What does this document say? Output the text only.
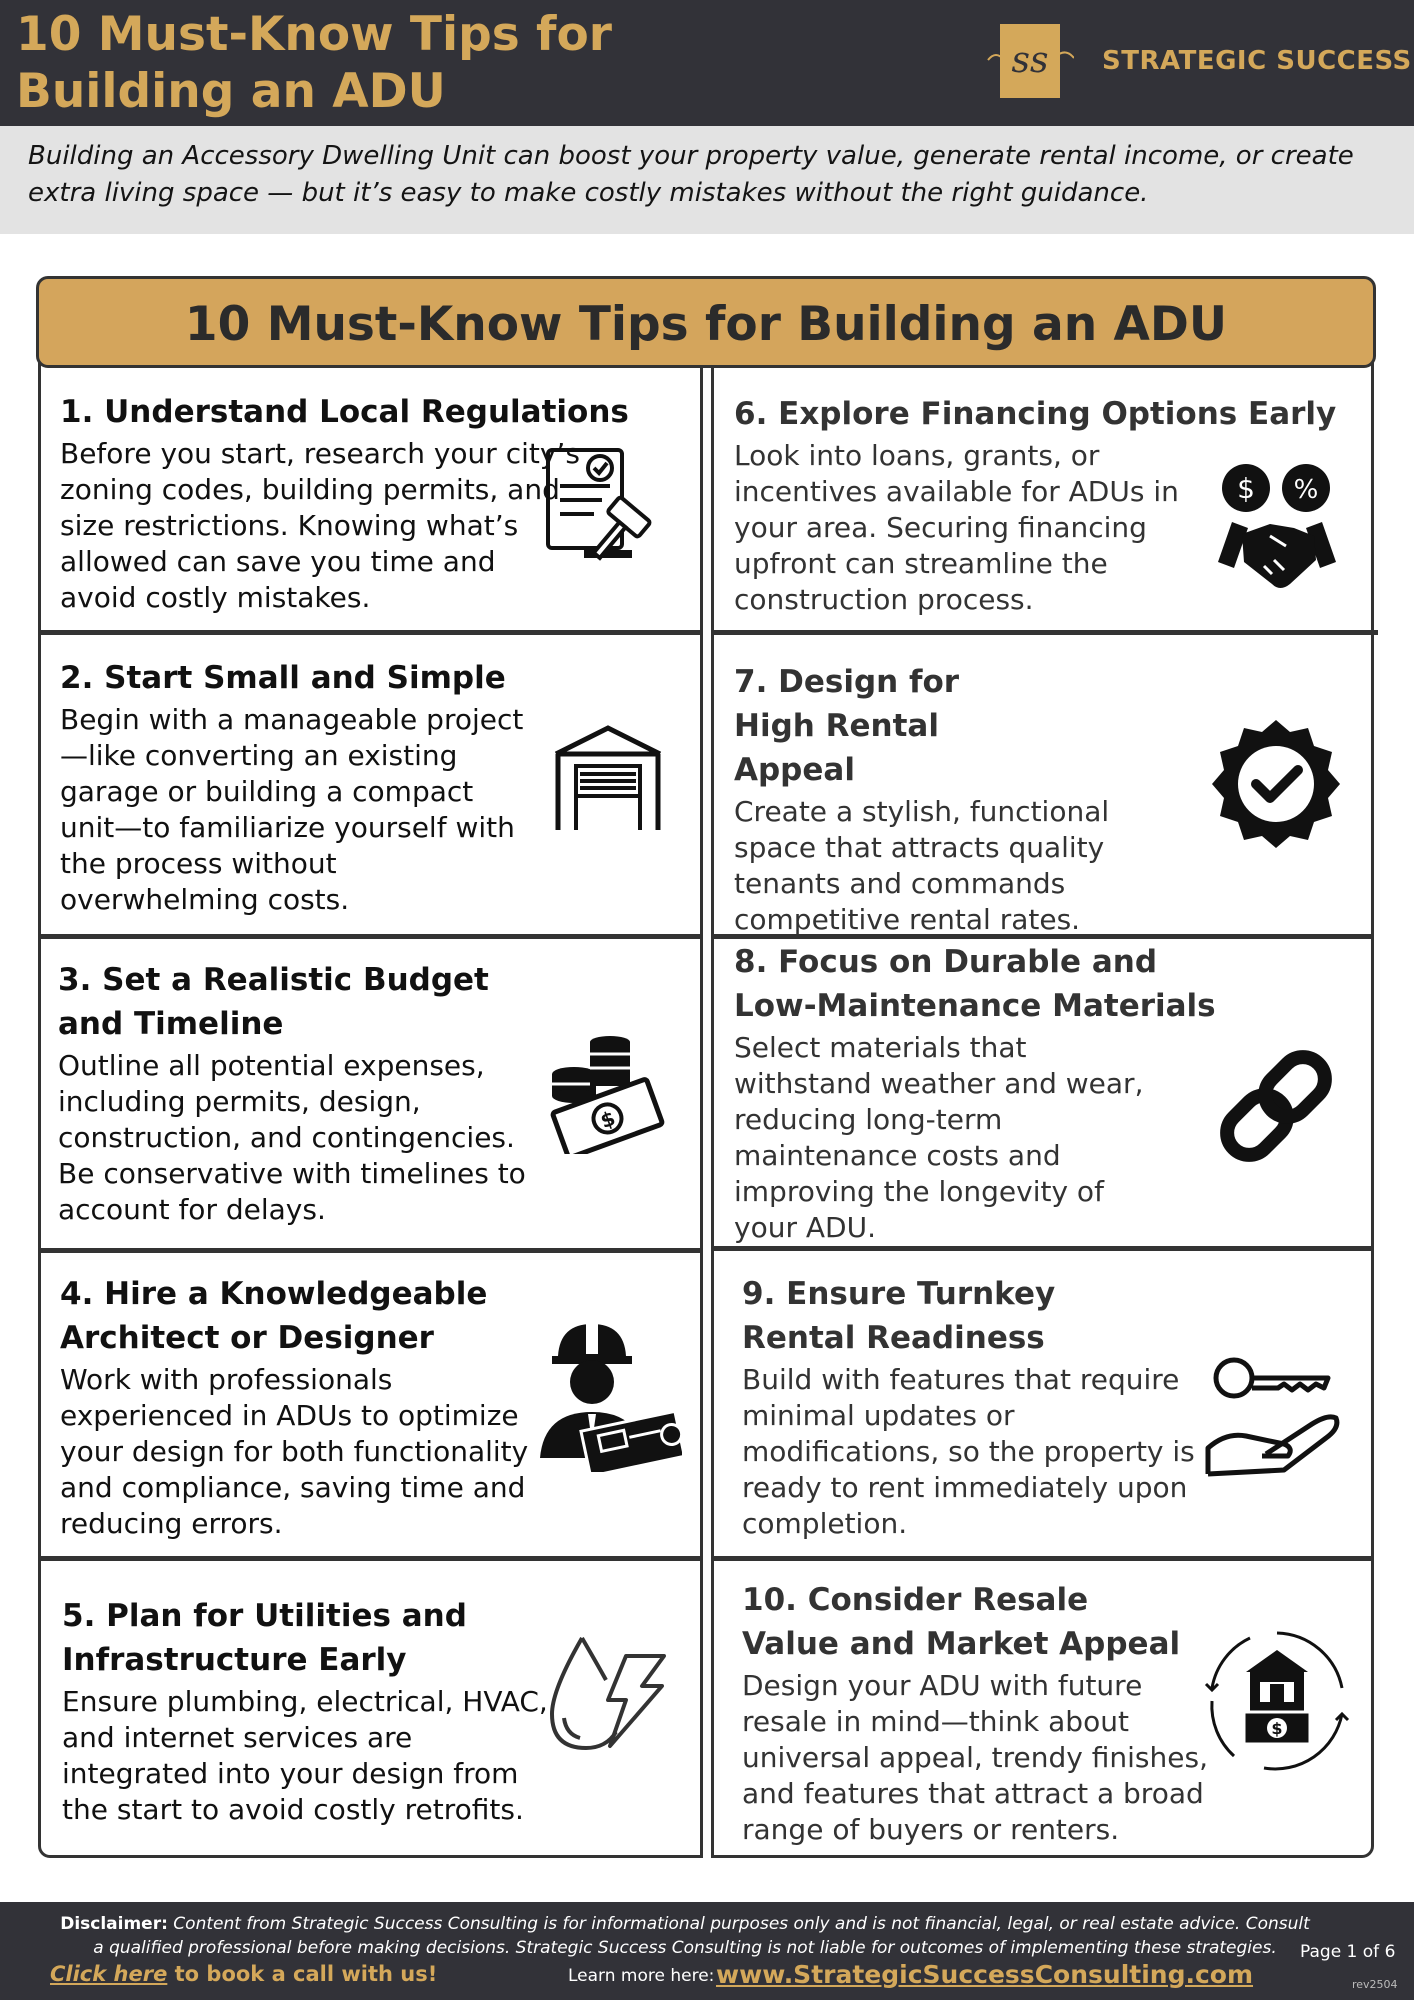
10 Must-Know Tips for
Building an ADU
ss STRATEGIC SUCCESS
Building an Accessory Dwelling Unit can boost your property value, generate rental income, or create extra living space — but it’s easy to make costly mistakes without the right guidance.
10 Must-Know Tips for Building an ADU
1. Understand Local Regulations
Before you start, research your city’s zoning codes, building permits, and size restrictions. Knowing what’s allowed can save you time and avoid costly mistakes.
2. Start Small and Simple
Begin with a manageable project—like converting an existing garage or building a compact unit—to familiarize yourself with the process without overwhelming costs.
3. Set a Realistic Budget and Timeline
Outline all potential expenses, including permits, design, construction, and contingencies. Be conservative with timelines to account for delays.
$
4. Hire a Knowledgeable Architect or Designer
Work with professionals experienced in ADUs to optimize your design for both functionality and compliance, saving time and reducing errors.
5. Plan for Utilities and Infrastructure Early
Ensure plumbing, electrical, HVAC, and internet services are integrated into your design from the start to avoid costly retrofits.
6. Explore Financing Options Early
Look into loans, grants, or incentives available for ADUs in your area. Securing financing upfront can streamline the construction process.
$ %
7. Design for High Rental Appeal
Create a stylish, functional space that attracts quality tenants and commands competitive rental rates.
8. Focus on Durable and Low-Maintenance Materials
Select materials that withstand weather and wear, reducing long-term maintenance costs and improving the longevity of your ADU.
9. Ensure Turnkey Rental Readiness
Build with features that require minimal updates or modifications, so the property is ready to rent immediately upon completion.
10. Consider Resale Value and Market Appeal
Design your ADU with future resale in mind—think about universal appeal, trendy finishes, and features that attract a broad range of buyers or renters.
$
Disclaimer: Content from Strategic Success Consulting is for informational purposes only and is not financial, legal, or real estate advice. Consult a qualified professional before making decisions. Strategic Success Consulting is not liable for outcomes of implementing these strategies.
Click here to book a call with us!	Learn more here: www.StrategicSuccessConsulting.com
Page 1 of 6
rev2504
